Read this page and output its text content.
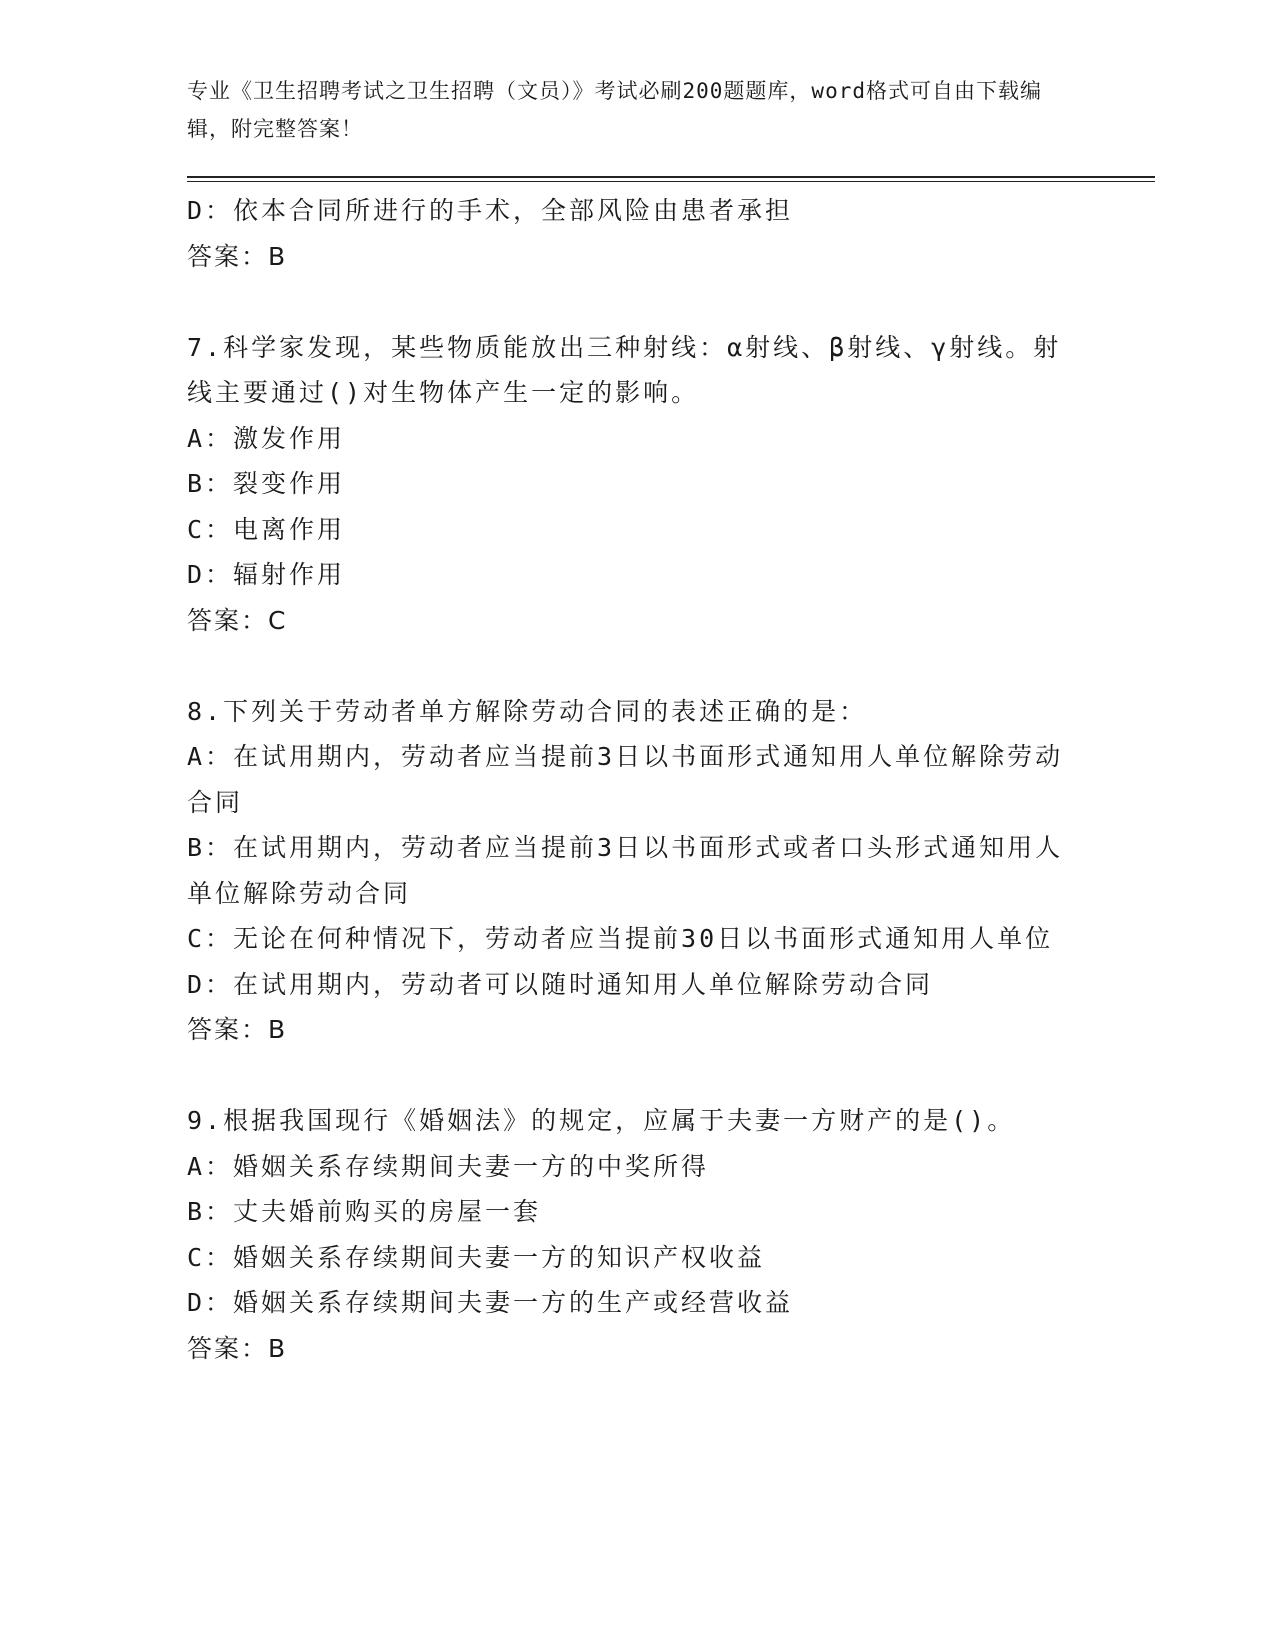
专业《卫生招聘考试之卫生招聘（文员）》考试必刷200题题库，word格式可自由下载编辑，附完整答案！
D：依本合同所进行的手术，全部风险由患者承担
答案：B
7.科学家发现，某些物质能放出三种射线：α射线、β射线、γ射线。射线主要通过()对生物体产生一定的影响。
A：激发作用
B：裂变作用
C：电离作用
D：辐射作用
答案：C
8.下列关于劳动者单方解除劳动合同的表述正确的是：
A：在试用期内，劳动者应当提前3日以书面形式通知用人单位解除劳动合同
B：在试用期内，劳动者应当提前3日以书面形式或者口头形式通知用人单位解除劳动合同
C：无论在何种情况下，劳动者应当提前30日以书面形式通知用人单位
D：在试用期内，劳动者可以随时通知用人单位解除劳动合同
答案：B
9.根据我国现行《婚姻法》的规定，应属于夫妻一方财产的是()。
A：婚姻关系存续期间夫妻一方的中奖所得
B：丈夫婚前购买的房屋一套
C：婚姻关系存续期间夫妻一方的知识产权收益
D：婚姻关系存续期间夫妻一方的生产或经营收益
答案：B
